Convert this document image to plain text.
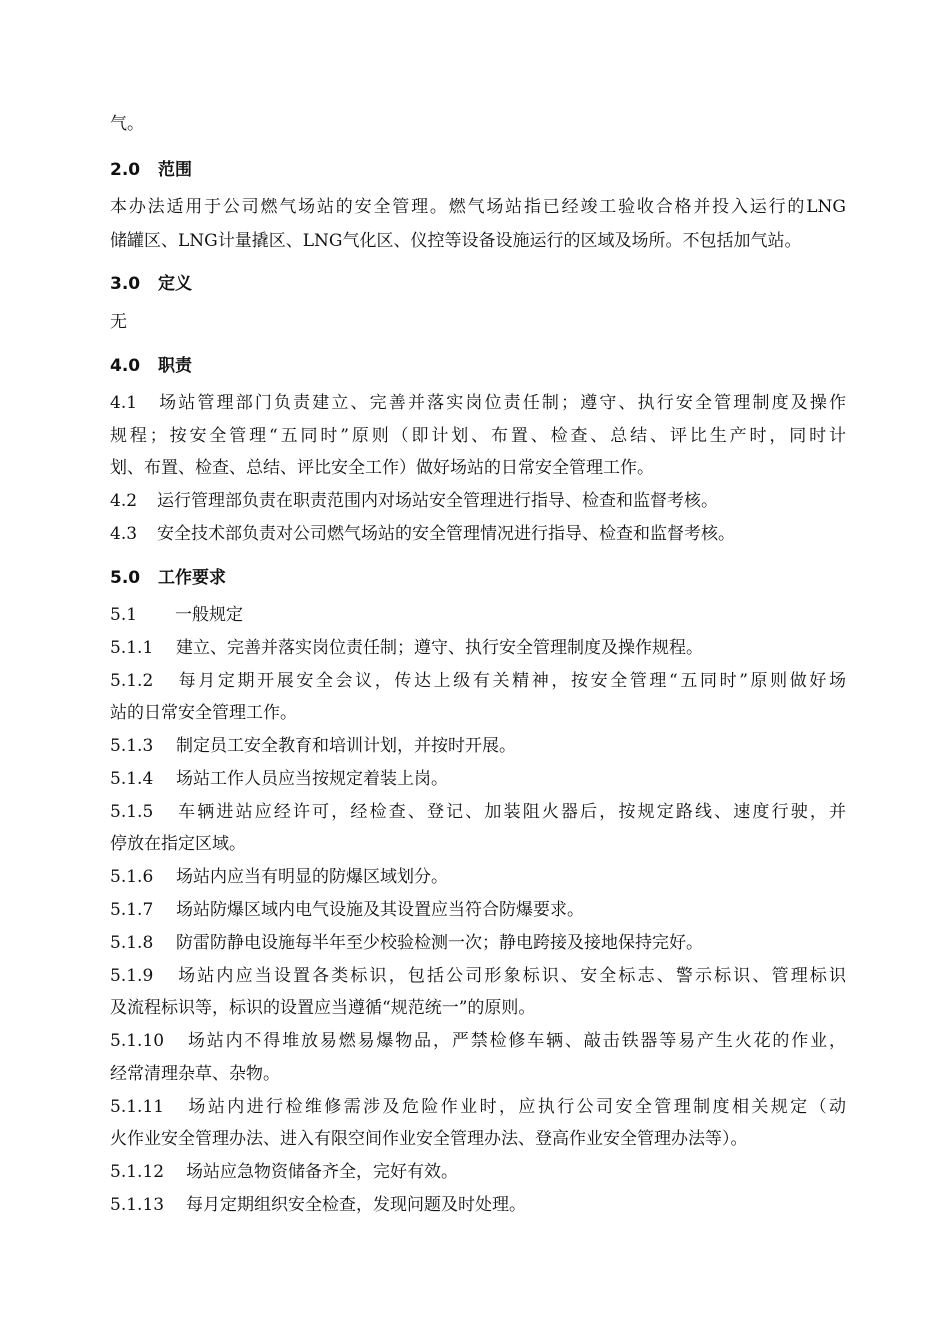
气。
2.0 范围
本办法适用于公司燃气场站的安全管理。燃气场站指已经竣工验收合格并投入运行的LNG
储罐区、LNG计量撬区、LNG气化区、仪控等设备设施运行的区域及场所。不包括加气站。
3.0 定义
无
4.0 职责
4.1 场站管理部门负责建立、完善并落实岗位责任制；遵守、执行安全管理制度及操作
规程；按安全管理“五同时”原则（即计划、布置、检查、总结、评比生产时，同时计
划、布置、检查、总结、评比安全工作）做好场站的日常安全管理工作。
4.2 运行管理部负责在职责范围内对场站安全管理进行指导、检查和监督考核。
4.3 安全技术部负责对公司燃气场站的安全管理情况进行指导、检查和监督考核。
5.0 工作要求
5.1 一般规定
5.1.1 建立、完善并落实岗位责任制；遵守、执行安全管理制度及操作规程。
5.1.2 每月定期开展安全会议，传达上级有关精神，按安全管理“五同时”原则做好场
站的日常安全管理工作。
5.1.3 制定员工安全教育和培训计划，并按时开展。
5.1.4 场站工作人员应当按规定着装上岗。
5.1.5 车辆进站应经许可，经检查、登记、加装阻火器后，按规定路线、速度行驶，并
停放在指定区域。
5.1.6 场站内应当有明显的防爆区域划分。
5.1.7 场站防爆区域内电气设施及其设置应当符合防爆要求。
5.1.8 防雷防静电设施每半年至少校验检测一次；静电跨接及接地保持完好。
5.1.9 场站内应当设置各类标识，包括公司形象标识、安全标志、警示标识、管理标识
及流程标识等，标识的设置应当遵循“规范统一”的原则。
5.1.10 场站内不得堆放易燃易爆物品，严禁检修车辆、敲击铁器等易产生火花的作业，
经常清理杂草、杂物。
5.1.11 场站内进行检维修需涉及危险作业时，应执行公司安全管理制度相关规定（动
火作业安全管理办法、进入有限空间作业安全管理办法、登高作业安全管理办法等）。
5.1.12 场站应急物资储备齐全，完好有效。
5.1.13 每月定期组织安全检查，发现问题及时处理。
